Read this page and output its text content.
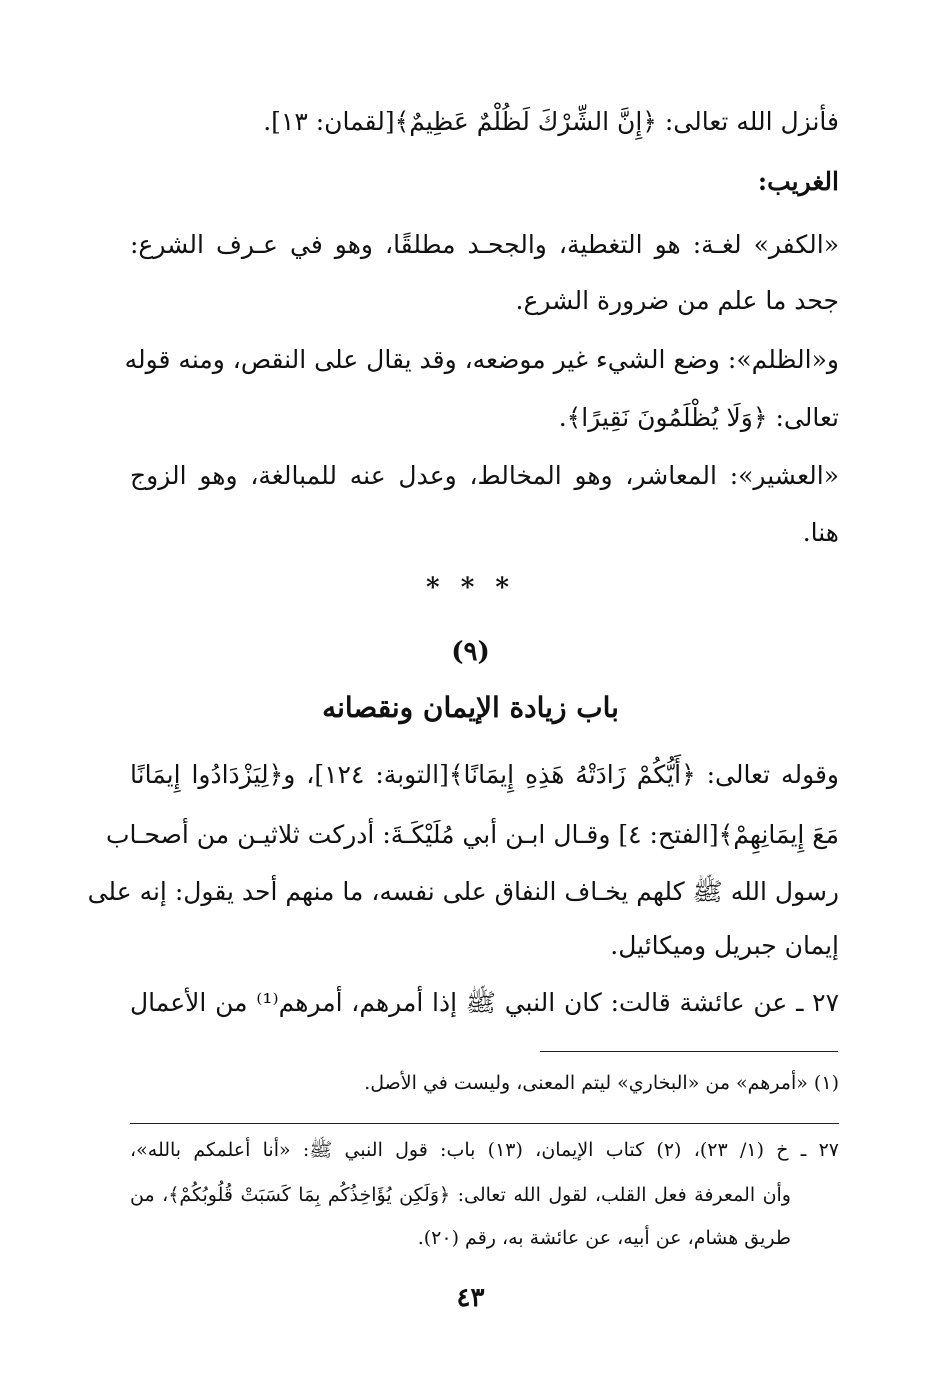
فأنزل الله تعالى: ﴿إِنَّ الشِّرْكَ لَظُلْمٌ عَظِيمٌ﴾[لقمان: ١٣].
الغريب:
«الكفر» لغـة: هو التغطية، والجحـد مطلقًا، وهو في عـرف الشرع:
جحد ما علم من ضرورة الشرع.
و«الظلم»: وضع الشيء غير موضعه، وقد يقال على النقص، ومنه قوله
تعالى: ﴿وَلَا يُظْلَمُونَ نَقِيرًا﴾.
«العشير»: المعاشر، وهو المخالط، وعدل عنه للمبالغة، وهو الزوج
هنا.
* * *
(٩)
باب زيادة الإيمان ونقصانه
وقوله تعالى: ﴿أَيُّكُمْ زَادَتْهُ هَذِهِ إِيمَانًا﴾[التوبة: ١٢٤]، و﴿لِيَزْدَادُوا إِيمَانًا
مَعَ إِيمَانِهِمْ﴾[الفتح: ٤] وقـال ابـن أبي مُلَيْكَـةَ: أدركت ثلاثيـن من أصحـاب
رسول الله ﷺ كلهم يخـاف النفاق على نفسه، ما منهم أحد يقول: إنه على
إيمان جبريل وميكائيل.
٢٧ ـ عن عائشة قالت: كان النبي ﷺ إذا أمرهم، أمرهم⁽¹⁾ من الأعمال
(١) «أمرهم» من «البخاري» ليتم المعنى، وليست في الأصل.
٢٧ ـ خ (١/ ٢٣)، (٢) كتاب الإيمان، (١٣) باب: قول النبي ﷺ: «أنا أعلمكم بالله»،
وأن المعرفة فعل القلب، لقول الله تعالى: ﴿وَلَكِن يُؤَاخِذُكُم بِمَا كَسَبَتْ قُلُوبُكُمْ﴾، من
طريق هشام، عن أبيه، عن عائشة به، رقم (٢٠).
٤٣
